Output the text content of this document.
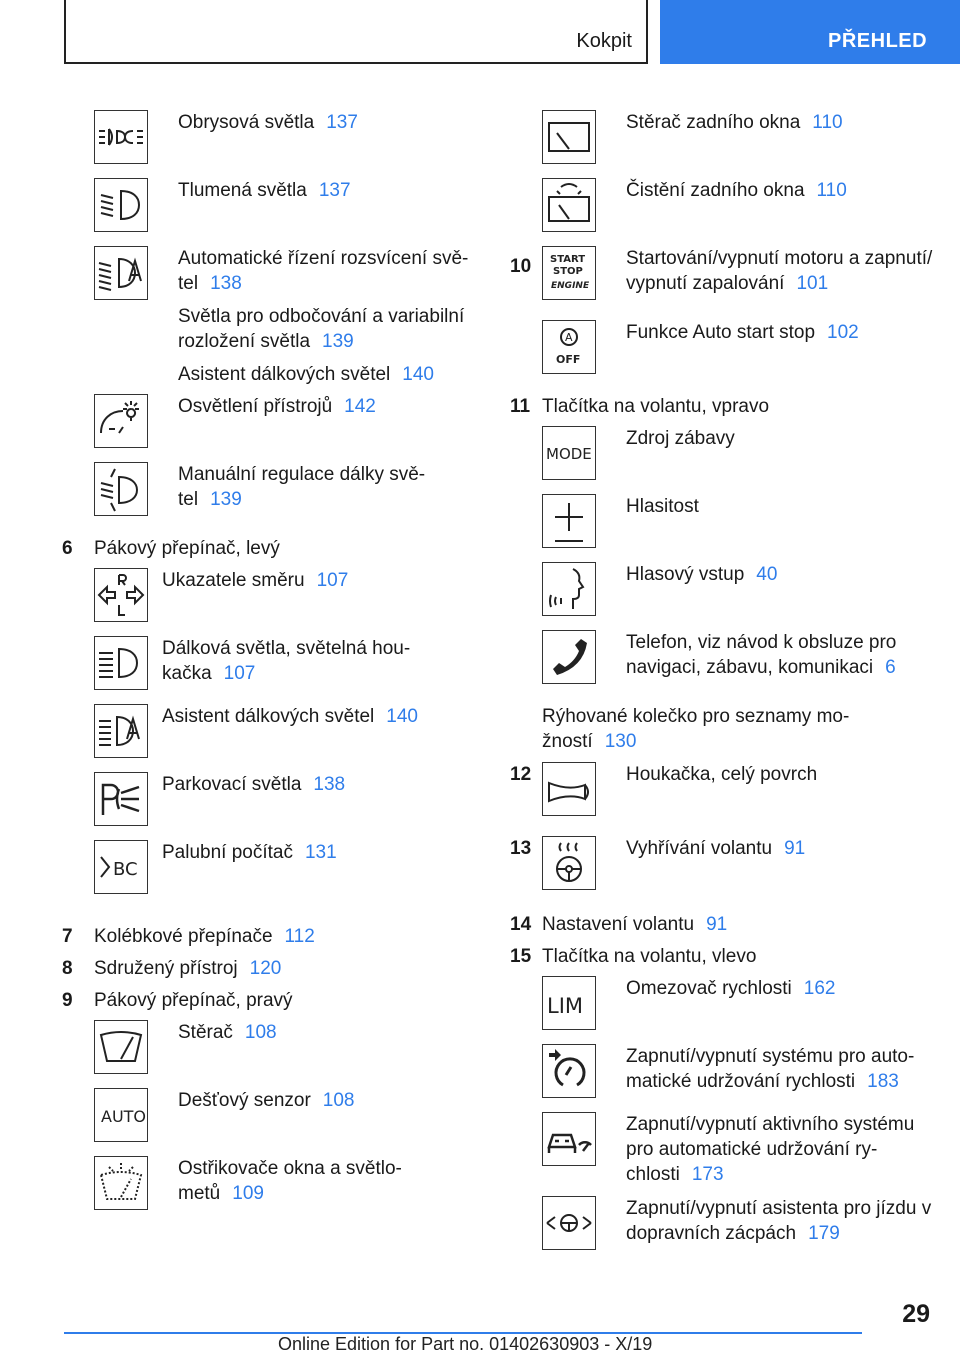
Kokpit	PŘEHLED

Obrysová světla 137

Tlumená světla 137

Automatické řízení rozsvícení svě-tel 138

Světla pro odbočování a variabilní rozložení světla 139

Asistent dálkových světel 140

Osvětlení přístrojů 142

Manuální regulace dálky svě-tel 139

6 Pákový přepínač, levý

Ukazatele směru 107

Dálková světla, světelná hou-kačka 107

Asistent dálkových světel 140

Parkovací světla 138

BC

Palubní počítač 131

7 Kolébkové přepínače 112
8 Sdružený přístroj 120
9 Pákový přepínač, pravý

Stěrač 108

AUTO

Dešťový senzor 108

Ostřikovače okna a světlo-metů 109

Stěrač zadního okna 110

Čistění zadního okna 110

10 START
STOP
ENGINE

Startování/vypnutí motoru a zapnutí/ vypnutí zapalování 101

A
OFF

Funkce Auto start stop 102

11 Tlačítka na volantu, vpravo
MODE

Zdroj zábavy

Hlasitost

Hlasový vstup 40

Telefon, viz návod k obsluze pro navigaci, zábavu, komunikaci 6

Rýhované kolečko pro seznamy mo-žností 130
12	Houkačka, celý povrch

13	Vyhřívání volantu 91

14 Nastavení volantu 91
15 Tlačítka na volantu, vlevo
LIM

Omezovač rychlosti 162

Zapnutí/vypnutí systému pro auto-matické udržování rychlosti 183

Zapnutí/vypnutí aktivního systému pro automatické udržování ry-chlosti 173

Zapnutí/vypnutí asistenta pro jízdu v dopravních zácpách 179

29
Online Edition for Part no. 01402630903 - X/19
